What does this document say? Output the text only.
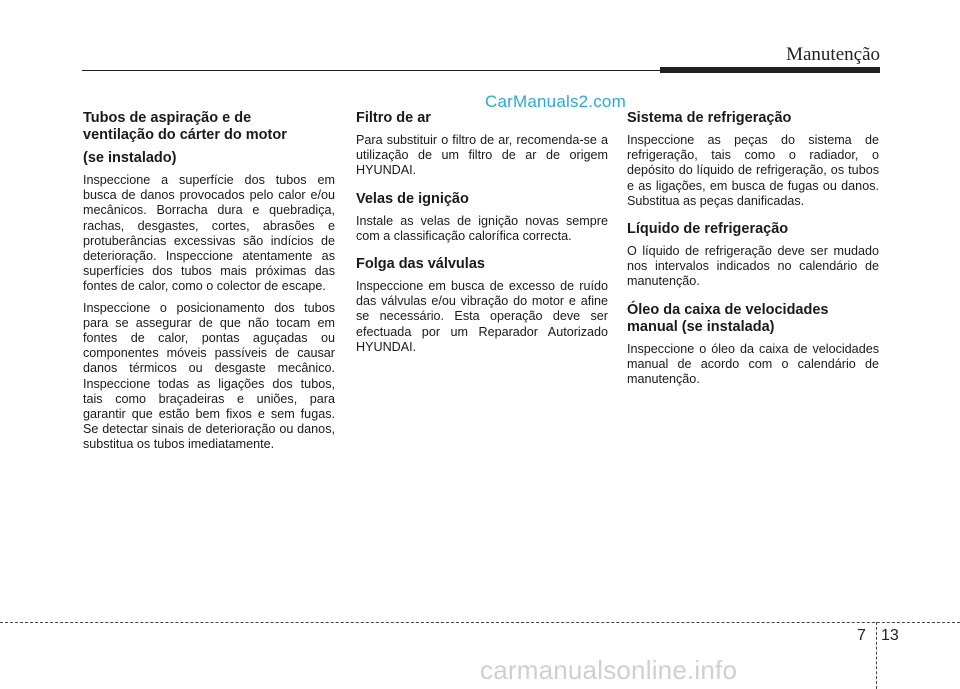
Manutenção
CarManuals2.com
Tubos de aspiração e de
ventilação do cárter do motor
(se instalado)

Inspeccione a superfície dos tubos em busca de danos provocados pelo calor e/ou mecânicos. Borracha dura e quebradiça, rachas, desgastes, cortes, abrasões e protuberâncias excessivas são indícios de deterioração. Inspeccione atentamente as superfícies dos tubos mais próximas das fontes de calor, como o colector de escape.

Inspeccione o posicionamento dos tubos para se assegurar de que não tocam em fontes de calor, pontas aguçadas ou componentes móveis passíveis de causar danos térmicos ou desgaste mecânico. Inspeccione todas as ligações dos tubos, tais como braçadeiras e uniões, para garantir que estão bem fixos e sem fugas. Se detectar sinais de deterioração ou danos, substitua os tubos imediatamente.

Filtro de ar

Para substituir o filtro de ar, recomenda-se a utilização de um filtro de ar de origem HYUNDAI.

Velas de ignição

Instale as velas de ignição novas sempre com a classificação calorífica correcta.

Folga das válvulas

Inspeccione em busca de excesso de ruído das válvulas e/ou vibração do motor e afine se necessário. Esta operação deve ser efectuada por um Reparador Autorizado HYUNDAI.

Sistema de refrigeração

Inspeccione as peças do sistema de refrigeração, tais como o radiador, o depósito do líquido de refrigeração, os tubos e as ligações, em busca de fugas ou danos. Substitua as peças danificadas.

Líquido de refrigeração

O líquido de refrigeração deve ser mudado nos intervalos indicados no calendário de manutenção.

Óleo da caixa de velocidades
manual (se instalada)

Inspeccione o óleo da caixa de velocidades manual de acordo com o calendário de manutenção.

7 13
carmanualsonline.info
